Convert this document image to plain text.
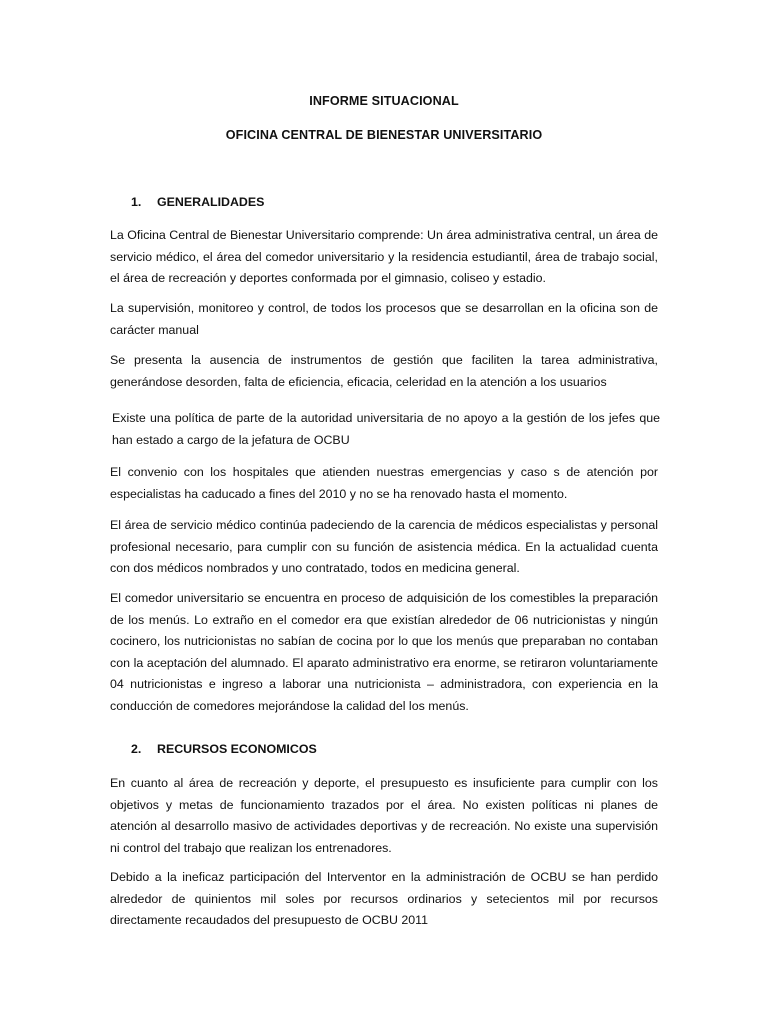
INFORME SITUACIONAL
OFICINA CENTRAL DE BIENESTAR UNIVERSITARIO
1. GENERALIDADES

La Oficina Central de Bienestar Universitario comprende: Un área administrativa central, un área de servicio médico, el área del comedor universitario y la residencia estudiantil, área de trabajo social, el área de recreación y deportes conformada por el gimnasio, coliseo y estadio.

La supervisión, monitoreo y control, de todos los procesos que se desarrollan en la oficina son de carácter manual

Se presenta la ausencia de instrumentos de gestión que faciliten la tarea administrativa, generándose desorden, falta de eficiencia, eficacia, celeridad en la atención a los usuarios

Existe una política de parte de la autoridad universitaria de no apoyo a la gestión de los jefes que han estado a cargo de la jefatura de OCBU

El convenio con los hospitales que atienden nuestras emergencias y caso s de atención por especialistas ha caducado a fines del 2010 y no se ha renovado hasta el momento.

El área de servicio médico continúa padeciendo de la carencia de médicos especialistas y personal profesional necesario, para cumplir con su función de asistencia médica. En la actualidad cuenta con dos médicos nombrados y uno contratado, todos en medicina general.

El comedor universitario se encuentra en proceso de adquisición de los comestibles la preparación de los menús. Lo extraño en el comedor era que existían alrededor de 06 nutricionistas y ningún cocinero, los nutricionistas no sabían de cocina por lo que los menús que preparaban no contaban con la aceptación del alumnado. El aparato administrativo era enorme, se retiraron voluntariamente 04 nutricionistas e ingreso a laborar una nutricionista – administradora, con experiencia en la conducción de comedores mejorándose la calidad del los menús.

2. RECURSOS ECONOMICOS

En cuanto al área de recreación y deporte, el presupuesto es insuficiente para cumplir con los objetivos y metas de funcionamiento trazados por el área. No existen políticas ni planes de atención al desarrollo masivo de actividades deportivas y de recreación. No existe una supervisión ni control del trabajo que realizan los entrenadores.

Debido a la ineficaz participación del Interventor en la administración de OCBU se han perdido alrededor de quinientos mil soles por recursos ordinarios y setecientos mil por recursos directamente recaudados del presupuesto de OCBU 2011
